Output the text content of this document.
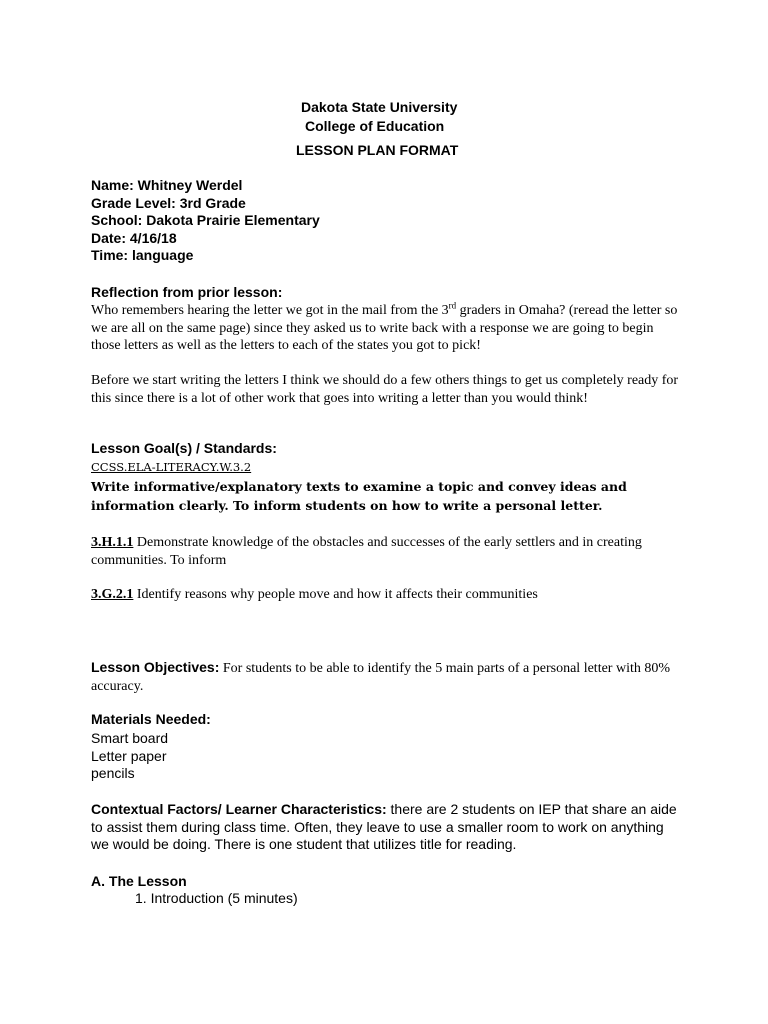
Dakota State University
College of Education
LESSON PLAN FORMAT
Name: Whitney Werdel
Grade Level: 3rd Grade
School: Dakota Prairie Elementary
Date: 4/16/18
Time: language
Reflection from prior lesson:

Who remembers hearing the letter we got in the mail from the 3rd graders in Omaha? (reread the letter so we are all on the same page) since they asked us to write back with a response we are going to begin those letters as well as the letters to each of the states you got to pick!

Before we start writing the letters I think we should do a few others things to get us completely ready for this since there is a lot of other work that goes into writing a letter than you would think!

Lesson Goal(s) / Standards:
CCSS.ELA-LITERACY.W.3.2

Write informative/explanatory texts to examine a topic and convey ideas and information clearly. To inform students on how to write a personal letter.

3.H.1.1 Demonstrate knowledge of the obstacles and successes of the early settlers and in creating communities. To inform

3.G.2.1 Identify reasons why people move and how it affects their communities

Lesson Objectives: For students to be able to identify the 5 main parts of a personal letter with 80% accuracy.

Materials Needed:
Smart board
Letter paper
pencils

Contextual Factors/ Learner Characteristics: there are 2 students on IEP that share an aide to assist them during class time. Often, they leave to use a smaller room to work on anything we would be doing. There is one student that utilizes title for reading.

A. The Lesson
1. Introduction (5 minutes)
